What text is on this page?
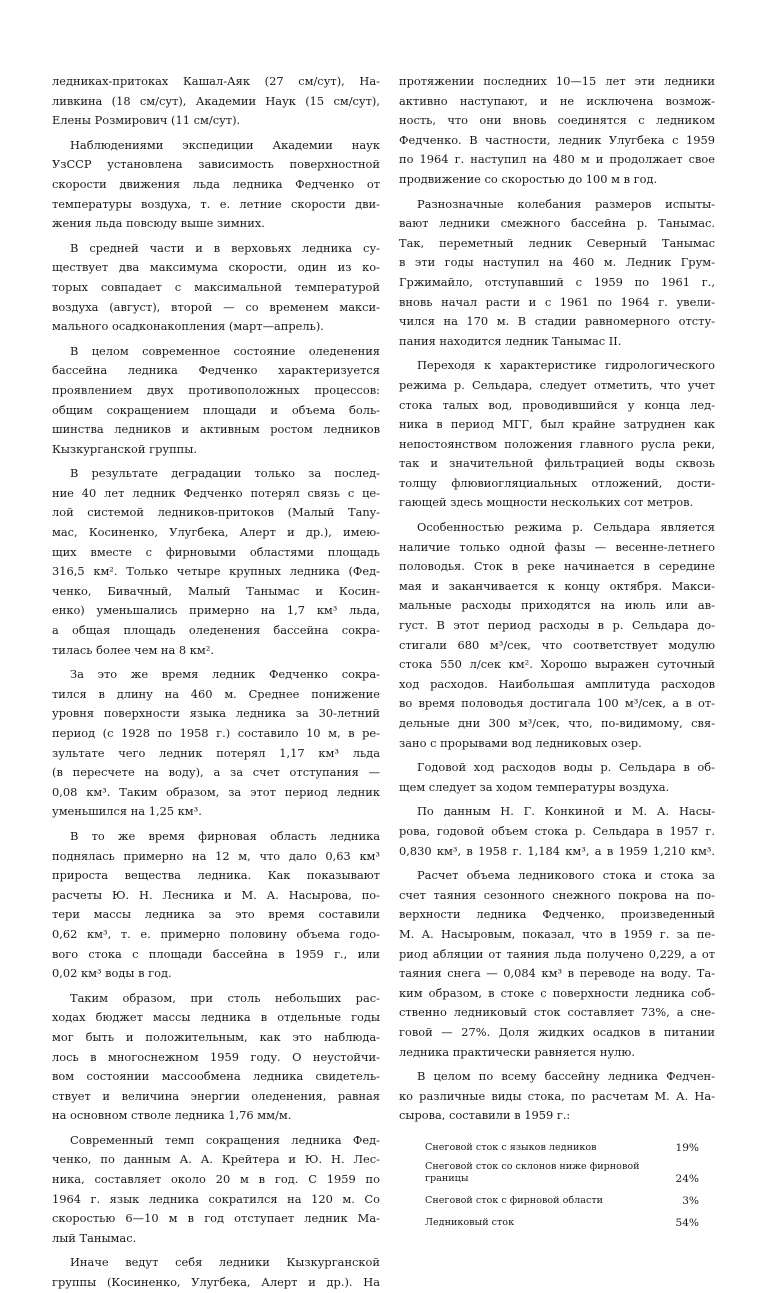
ледниках-притоках Кашал-Аяк (27 см/сут), На-
ливкина (18 см/сут), Академии Наук (15 см/сут),
Елены Розмирович (11 см/сут).
Наблюдениями экспедиции Академии наук
УзССР установлена зависимость поверхностной
скорости движения льда ледника Федченко от
температуры воздуха, т. е. летние скорости дви-
жения льда повсюду выше зимних.
В средней части и в верховьях ледника су-
ществует два максимума скорости, один из ко-
торых совпадает с максимальной температурой
воздуха (август), второй — со временем макси-
мального осадконакопления (март—апрель).
В целом современное состояние оледенения
бассейна ледника Федченко характеризуется
проявлением двух противоположных процессов:
общим сокращением площади и объема боль-
шинства ледников и активным ростом ледников
Кызкурганской группы.
В результате деградации только за послед-
ние 40 лет ледник Федченко потерял связь с це-
лой системой ледников-притоков (Малый Тany-
мас, Косиненко, Улугбека, Алерт и др.), имею-
щих вместе с фирновыми областями площадь
316,5 км². Только четыре крупных ледника (Фед-
ченко, Бивачный, Малый Танымас и Косин-
енко) уменьшались примерно на 1,7 км³ льда,
а общая площадь оледенения бассейна сокра-
тилась более чем на 8 км².
За это же время ледник Федченко сокра-
тился в длину на 460 м. Среднее понижение
уровня поверхности языка ледника за 30-летний
период (с 1928 по 1958 г.) составило 10 м, в ре-
зультате чего ледник потерял 1,17 км³ льда
(в пересчете на воду), а за счет отступания —
0,08 км³. Таким образом, за этот период ледник
уменьшился на 1,25 км³.
В то же время фирновая область ледника
поднялась примерно на 12 м, что дало 0,63 км³
прироста вещества ледника. Как показывают
расчеты Ю. Н. Лесника и М. А. Насырова, по-
тери массы ледника за это время составили
0,62 км³, т. е. примерно половину объема годо-
вого стока с площади бассейна в 1959 г., или
0,02 км³ воды в год.
Таким образом, при столь небольших рас-
ходах бюджет массы ледника в отдельные годы
мог быть и положительным, как это наблюда-
лось в многоснежном 1959 году. О неустойчи-
вом состоянии массообмена ледника свидетель-
ствует и величина энергии оледенения, равная
на основном стволе ледника 1,76 мм/м.
Современный темп сокращения ледника Фед-
ченко, по данным А. А. Крейтера и Ю. Н. Лес-
ника, составляет около 20 м в год. С 1959 по
1964 г. язык ледника сократился на 120 м. Со
скоростью 6—10 м в год отступает ледник Ма-
лый Танымас.
Иначе ведут себя ледники Кызкурганской
группы (Косиненко, Улугбека, Алерт и др.). На
протяжении последних 10—15 лет эти ледники
активно наступают, и не исключена возмож-
ность, что они вновь соединятся с ледником
Федченко. В частности, ледник Улугбека с 1959
по 1964 г. наступил на 480 м и продолжает свое
продвижение со скоростью до 100 м в год.
Разнозначные колебания размеров испыты-
вают ледники смежного бассейна р. Танымас.
Так, переметный ледник Северный Танымас
в эти годы наступил на 460 м. Ледник Грум-
Гржимайло, отступавший с 1959 по 1961 г.,
вновь начал расти и с 1961 по 1964 г. увели-
чился на 170 м. В стадии равномерного отсту-
пания находится ледник Танымас II.
Переходя к характеристике гидрологического
режима р. Сельдара, следует отметить, что учет
стока талых вод, проводившийся у конца лед-
ника в период МГГ, был крайне затруднен как
непостоянством положения главного русла реки,
так и значительной фильтрацией воды сквозь
толщу флювиогляциальных отложений, дости-
гающей здесь мощности нескольких сот метров.
Особенностью режима р. Сельдара является
наличие только одной фазы — весенне-летнего
половодья. Сток в реке начинается в середине
мая и заканчивается к концу октября. Макси-
мальные расходы приходятся на июль или ав-
густ. В этот период расходы в р. Сельдара до-
стигали 680 м³/сек, что соответствует модулю
стока 550 л/сек км². Хорошо выражен суточный
ход расходов. Наибольшая амплитуда расходов
во время половодья достигала 100 м³/сек, а в от-
дельные дни 300 м³/сек, что, по-видимому, свя-
зано с прорывами вод ледниковых озер.
Годовой ход расходов воды р. Сельдара в об-
щем следует за ходом температуры воздуха.
По данным Н. Г. Конкиной и М. А. Насы-
рова, годовой объем стока р. Сельдара в 1957 г.
0,830 км³, в 1958 г. 1,184 км³, а в 1959 1,210 км³.
Расчет объема ледникового стока и стока за
счет таяния сезонного снежного покрова на по-
верхности ледника Федченко, произведенный
М. А. Насыровым, показал, что в 1959 г. за пе-
риод абляции от таяния льда получено 0,229, а от
таяния снега — 0,084 км³ в переводе на воду. Та-
ким образом, в стоке с поверхности ледника соб-
ственно ледниковый сток составляет 73%, а сне-
говой — 27%. Доля жидких осадков в питании
ледника практически равняется нулю.
В целом по всему бассейну ледника Федчен-
ко различные виды стока, по расчетам М. А. На-
сырова, составили в 1959 г.:
Снеговой сток с языков ледников	19%
Снеговой сток со склонов ниже фирновой
границы	24%
Снеговой сток с фирновой области	3%
Ледниковый сток	54%
